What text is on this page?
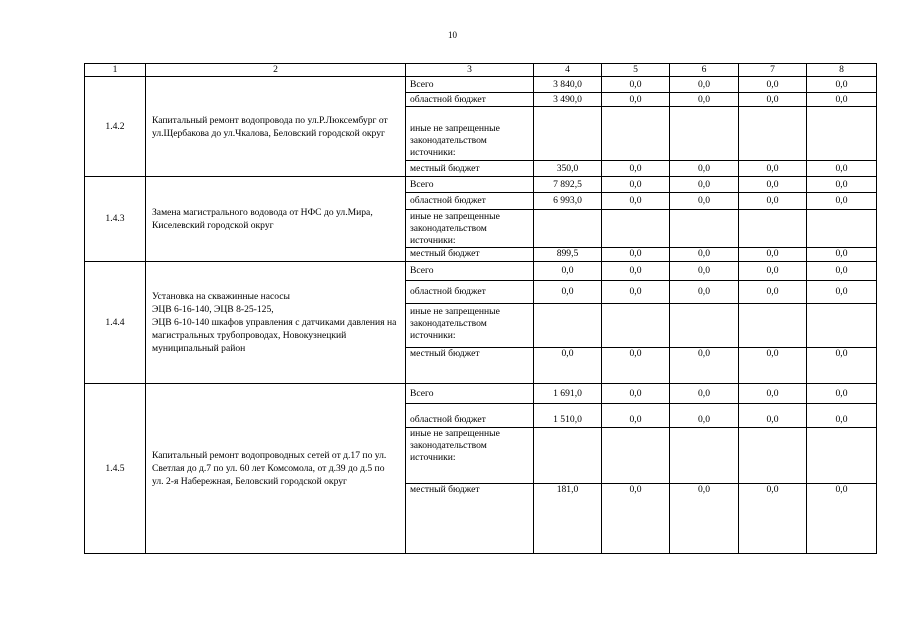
10
1	2	3	4	5	6	7	8
1.4.2	Капитальный ремонт водопровода по ул.Р.Люксембург от ул.Щербакова до ул.Чкалова, Беловский городской округ	Всего	3 840,0	0,0	0,0	0,0	0,0
		областной бюджет	3 490,0	0,0	0,0	0,0	0,0
		иные не запрещенные законодательством источники:					
		местный бюджет	350,0	0,0	0,0	0,0	0,0
1.4.3	Замена магистрального водовода от НФС до ул.Мира, Киселевский городской округ	Всего	7 892,5	0,0	0,0	0,0	0,0
		областной бюджет	6 993,0	0,0	0,0	0,0	0,0
		иные не запрещенные законодательством источники:					
		местный бюджет	899,5	0,0	0,0	0,0	0,0
1.4.4	Установка на скважинные насосы
ЭЦВ 6-16-140, ЭЦВ 8-25-125,
ЭЦВ 6-10-140 шкафов управления с датчиками давления на магистральных трубопроводах, Новокузнецкий муниципальный район	Всего	0,0	0,0	0,0	0,0	0,0
		областной бюджет	0,0	0,0	0,0	0,0	0,0
		иные не запрещенные законодательством источники:					
		местный бюджет	0,0	0,0	0,0	0,0	0,0
1.4.5	Капитальный ремонт водопроводных сетей от д.17 по ул. Светлая до д.7 по ул. 60 лет Комсомола, от д.39 до д.5 по
ул. 2-я Набережная, Беловский городской округ	Всего	1 691,0	0,0	0,0	0,0	0,0
		областной бюджет	1 510,0	0,0	0,0	0,0	0,0
		иные не запрещенные законодательством источники:					
		местный бюджет	181,0	0,0	0,0	0,0	0,0
